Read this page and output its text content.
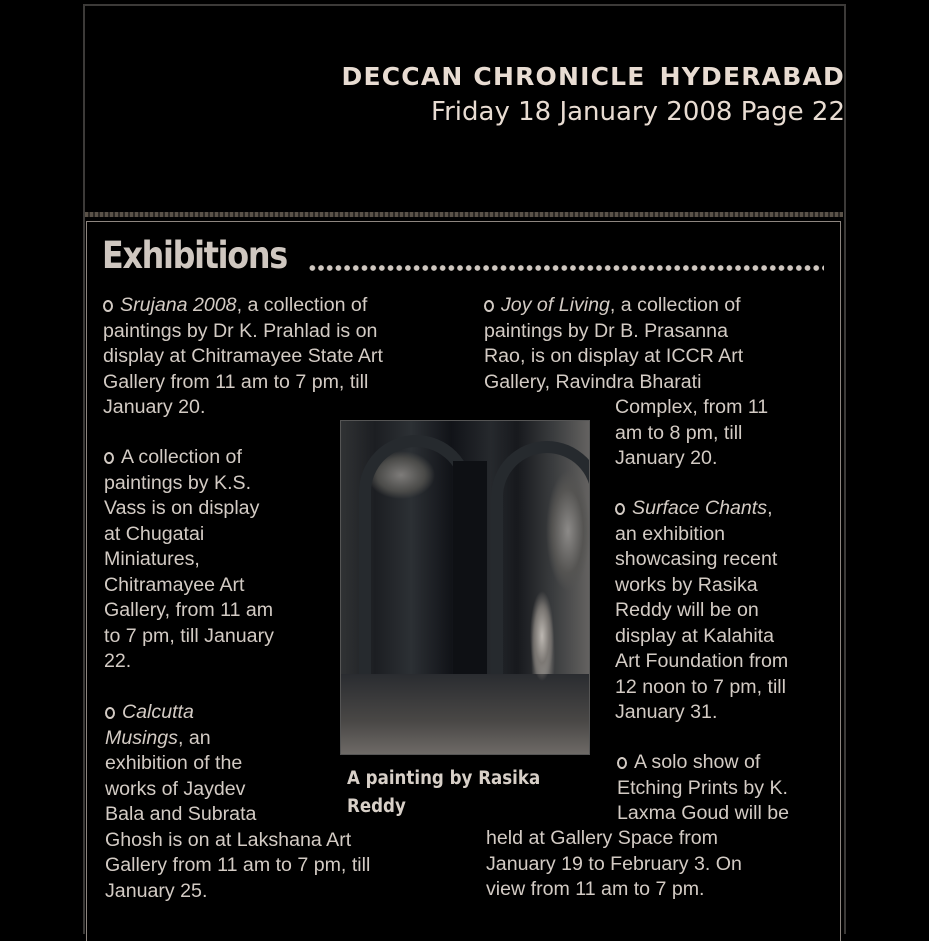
DECCAN CHRONICLE HYDERABAD
Friday 18 January 2008 Page 22
Exhibitions
Srujana 2008, a collection of
paintings by Dr K. Prahlad is on
display at Chitramayee State Art
Gallery from 11 am to 7 pm, till
January 20.
A collection of
paintings by K.S.
Vass is on display
at Chugatai
Miniatures,
Chitramayee Art
Gallery, from 11 am
to 7 pm, till January
22.
Calcutta
Musings, an
exhibition of the
works of Jaydev
Bala and Subrata
Ghosh is on at Lakshana Art
Gallery from 11 am to 7 pm, till
January 25.
Joy of Living, a collection of
paintings by Dr B. Prasanna
Rao, is on display at ICCR Art
Gallery, Ravindra Bharati
Complex, from 11
am to 8 pm, till
January 20.
Surface Chants,
an exhibition
showcasing recent
works by Rasika
Reddy will be on
display at Kalahita
Art Foundation from
12 noon to 7 pm, till
January 31.
A solo show of
Etching Prints by K.
Laxma Goud will be
held at Gallery Space from
January 19 to February 3. On
view from 11 am to 7 pm.
A painting by Rasika
Reddy
